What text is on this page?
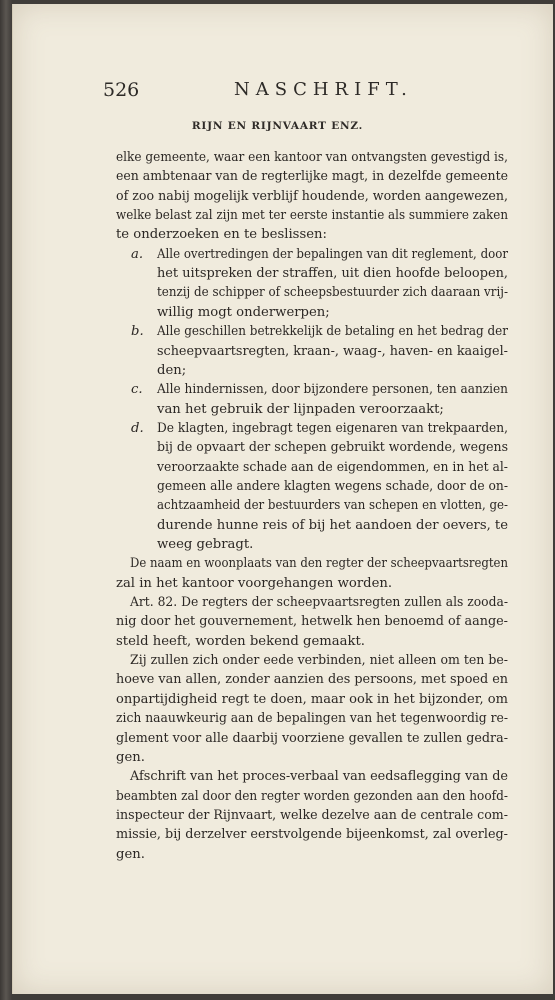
526	NASCHRIFT.
RIJN EN RIJNVAART ENZ.
elke gemeente, waar een kantoor van ontvangsten gevestigd is,
een ambtenaar van de regterlijke magt, in dezelfde gemeente
of zoo nabij mogelijk verblijf houdende, worden aangewezen,
welke belast zal zijn met ter eerste instantie als summiere zaken
te onderzoeken en te beslissen:
a. Alle overtredingen der bepalingen van dit reglement, door
het uitspreken der straffen, uit dien hoofde beloopen,
tenzij de schipper of scheepsbestuurder zich daaraan vrij-
willig mogt onderwerpen;
b. Alle geschillen betrekkelijk de betaling en het bedrag der
scheepvaartsregten, kraan-, waag-, haven- en kaaigel-
den;
c. Alle hindernissen, door bijzondere personen, ten aanzien
van het gebruik der lijnpaden veroorzaakt;
d. De klagten, ingebragt tegen eigenaren van trekpaarden,
bij de opvaart der schepen gebruikt wordende, wegens
veroorzaakte schade aan de eigendommen, en in het al-
gemeen alle andere klagten wegens schade, door de on-
achtzaamheid der bestuurders van schepen en vlotten, ge-
durende hunne reis of bij het aandoen der oevers, te
weeg gebragt.
De naam en woonplaats van den regter der scheepvaartsregten
zal in het kantoor voorgehangen worden.
Art. 82. De regters der scheepvaartsregten zullen als zooda-
nig door het gouvernement, hetwelk hen benoemd of aange-
steld heeft, worden bekend gemaakt.
Zij zullen zich onder eede verbinden, niet alleen om ten be-
hoeve van allen, zonder aanzien des persoons, met spoed en
onpartijdigheid regt te doen, maar ook in het bijzonder, om
zich naauwkeurig aan de bepalingen van het tegenwoordig re-
glement voor alle daarbij voorziene gevallen te zullen gedra-
gen.
Afschrift van het proces-verbaal van eedsaflegging van de
beambten zal door den regter worden gezonden aan den hoofd-
inspecteur der Rijnvaart, welke dezelve aan de centrale com-
missie, bij derzelver eerstvolgende bijeenkomst, zal overleg-
gen.
